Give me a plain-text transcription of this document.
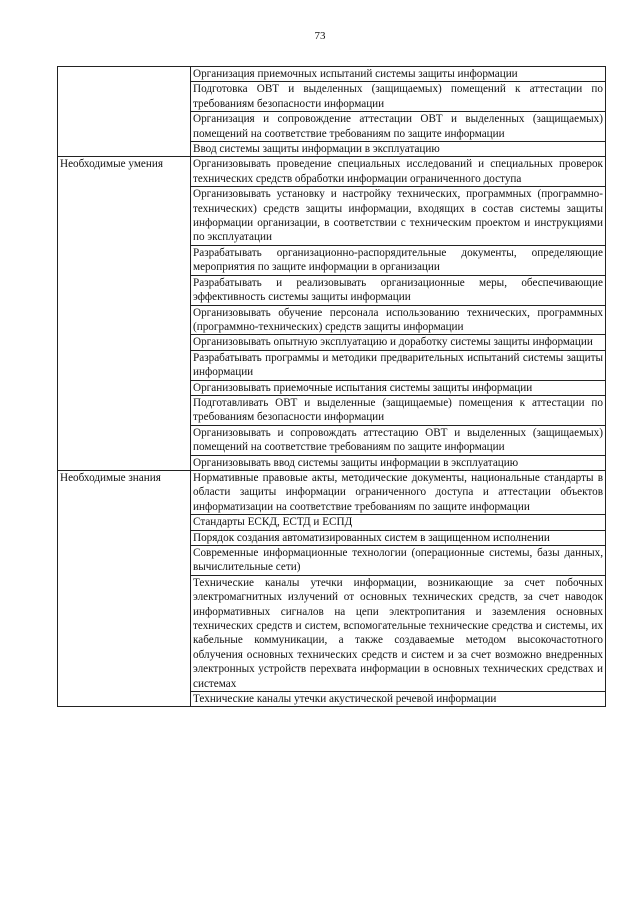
73
	Организация приемочных испытаний системы защиты информации
	Подготовка ОВТ и выделенных (защищаемых) помещений к аттестации по требованиям безопасности информации
	Организация и сопровождение аттестации ОВТ и выделенных (защищаемых) помещений на соответствие требованиям по защите информации
	Ввод системы защиты информации в эксплуатацию
Необходимые умения	Организовывать проведение специальных исследований и специальных проверок технических средств обработки информации ограниченного доступа
	Организовывать установку и настройку технических, программных (программно-технических) средств защиты информации, входящих в состав системы защиты информации организации, в соответствии с техническим проектом и инструкциями по эксплуатации
	Разрабатывать организационно-распорядительные документы, определяющие мероприятия по защите информации в организации
	Разрабатывать и реализовывать организационные меры, обеспечивающие эффективность системы защиты информации
	Организовывать обучение персонала использованию технических, программных (программно-технических) средств защиты информации
	Организовывать опытную эксплуатацию и доработку системы защиты информации
	Разрабатывать программы и методики предварительных испытаний системы защиты информации
	Организовывать приемочные испытания системы защиты информации
	Подготавливать ОВТ и выделенные (защищаемые) помещения к аттестации по требованиям безопасности информации
	Организовывать и сопровождать аттестацию ОВТ и выделенных (защищаемых) помещений на соответствие требованиям по защите информации
	Организовывать ввод системы защиты информации в эксплуатацию
Необходимые знания	Нормативные правовые акты, методические документы, национальные стандарты в области защиты информации ограниченного доступа и аттестации объектов информатизации на соответствие требованиям по защите информации
	Стандарты ЕСКД, ЕСТД и ЕСПД
	Порядок создания автоматизированных систем в защищенном исполнении
	Современные информационные технологии (операционные системы, базы данных, вычислительные сети)
	Технические каналы утечки информации, возникающие за счет побочных электромагнитных излучений от основных технических средств, за счет наводок информативных сигналов на цепи электропитания и заземления основных технических средств и систем, вспомогательные технические средства и системы, их кабельные коммуникации, а также создаваемые методом высокочастотного облучения основных технических средств и систем и за счет возможно внедренных электронных устройств перехвата информации в основных технических средствах и системах
	Технические каналы утечки акустической речевой информации
